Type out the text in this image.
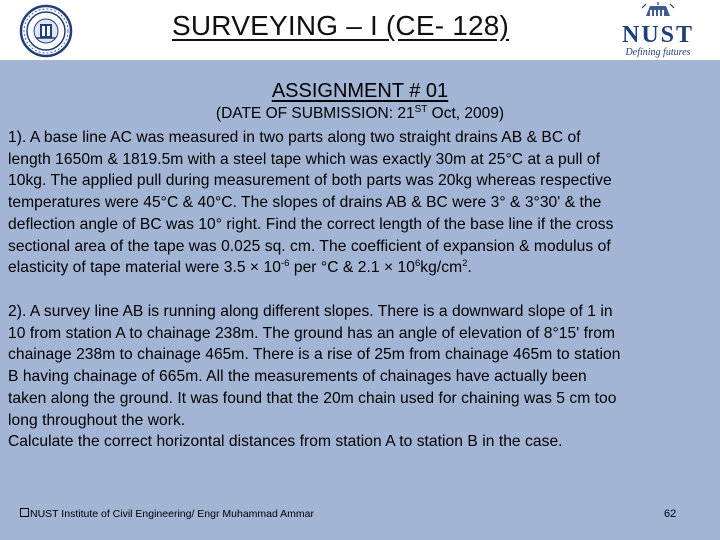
SURVEYING – I (CE- 128)	NUST
Defining futures
ASSIGNMENT # 01
(DATE OF SUBMISSION: 21ST Oct, 2009)
1). A base line AC was measured in two parts along two straight drains AB & BC of
length 1650m & 1819.5m with a steel tape which was exactly 30m at 25°C at a pull of
10kg. The applied pull during measurement of both parts was 20kg whereas respective
temperatures were 45°C & 40°C. The slopes of drains AB & BC were 3° & 3°30' & the
deflection angle of BC was 10° right. Find the correct length of the base line if the cross
sectional area of the tape was 0.025 sq. cm. The coefficient of expansion & modulus of
elasticity of tape material were $3.5 \times 10^{-6}$ per °C & $2.1 \times 10^6kg/cm^2$.
2). A survey line AB is running along different slopes. There is a downward slope of 1 in
10 from station A to chainage 238m. The ground has an angle of elevation of 8°15' from
chainage 238m to chainage 465m. There is a rise of 25m from chainage 465m to station
B having chainage of 665m. All the measurements of chainages have actually been
taken along the ground. It was found that the 20m chain used for chaining was 5 cm too
long throughout the work.
Calculate the correct horizontal distances from station A to station B in the case.
NUST Institute of Civil Engineering/ Engr Muhammad Ammar	62
